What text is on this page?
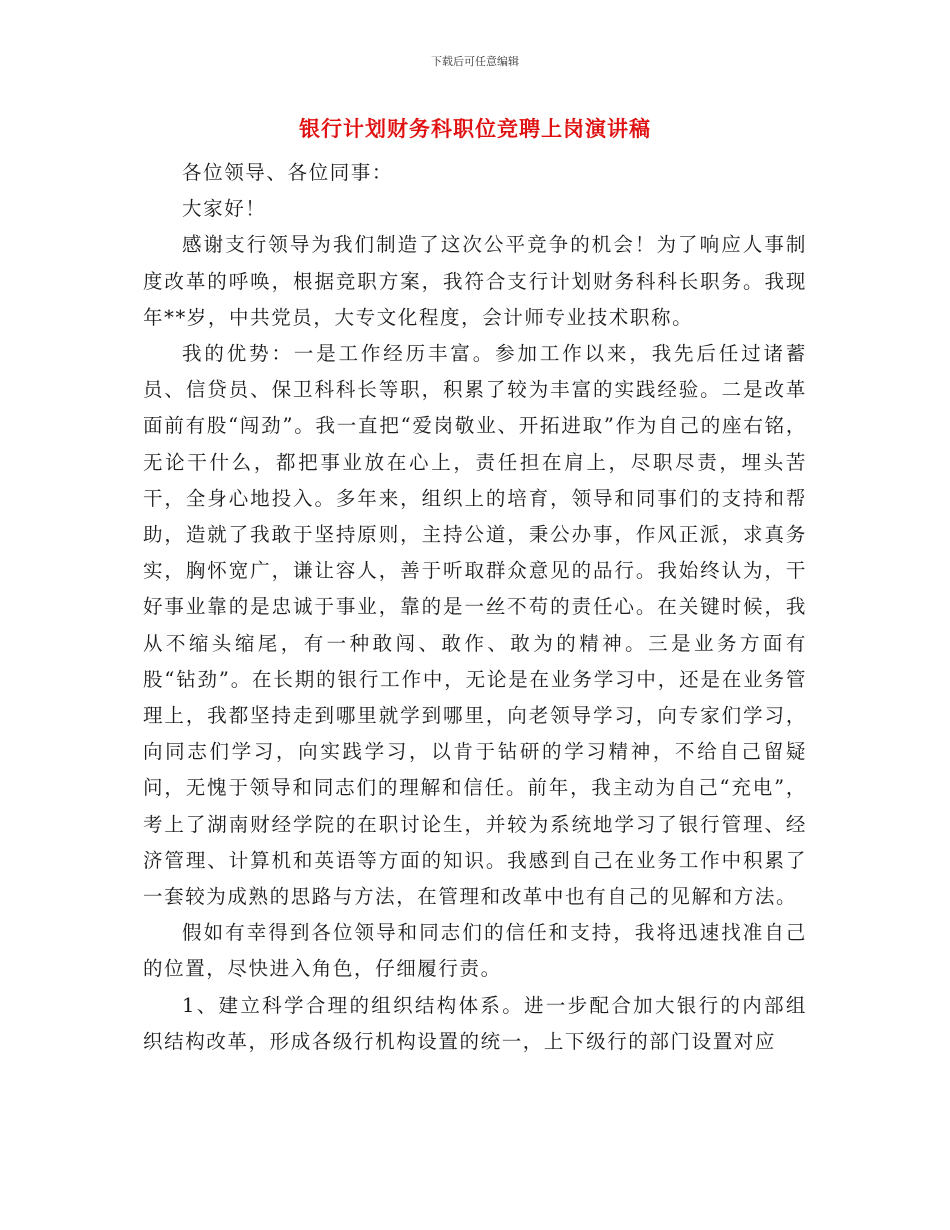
下载后可任意编辑
银行计划财务科职位竞聘上岗演讲稿

各位领导、各位同事：

大家好！

感谢支行领导为我们制造了这次公平竞争的机会！为了响应人事制度改革的呼唤，根据竞职方案，我符合支行计划财务科科长职务。我现年**岁，中共党员，大专文化程度，会计师专业技术职称。

我的优势：一是工作经历丰富。参加工作以来，我先后任过诸蓄员、信贷员、保卫科科长等职，积累了较为丰富的实践经验。二是改革面前有股“闯劲”。我一直把“爱岗敬业、开拓进取”作为自己的座右铭，无论干什么，都把事业放在心上，责任担在肩上，尽职尽责，埋头苦干，全身心地投入。多年来，组织上的培育，领导和同事们的支持和帮助，造就了我敢于坚持原则，主持公道，秉公办事，作风正派，求真务实，胸怀宽广，谦让容人，善于听取群众意见的品行。我始终认为，干好事业靠的是忠诚于事业，靠的是一丝不苟的责任心。在关键时候，我从不缩头缩尾，有一种敢闯、敢作、敢为的精神。三是业务方面有股“钻劲”。在长期的银行工作中，无论是在业务学习中，还是在业务管理上，我都坚持走到哪里就学到哪里，向老领导学习，向专家们学习，向同志们学习，向实践学习，以肯于钻研的学习精神，不给自己留疑问，无愧于领导和同志们的理解和信任。前年，我主动为自己“充电”，考上了湖南财经学院的在职讨论生，并较为系统地学习了银行管理、经济管理、计算机和英语等方面的知识。我感到自己在业务工作中积累了一套较为成熟的思路与方法，在管理和改革中也有自己的见解和方法。

假如有幸得到各位领导和同志们的信任和支持，我将迅速找准自己的位置，尽快进入角色，仔细履行责。

1、建立科学合理的组织结构体系。进一步配合加大银行的内部组织结构改革，形成各级行机构设置的统一，上下级行的部门设置对应
